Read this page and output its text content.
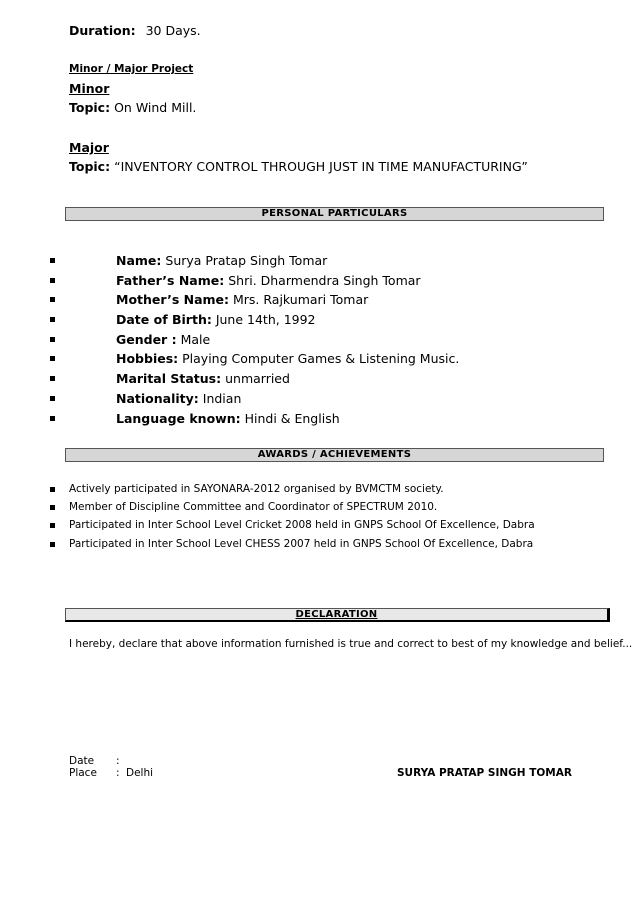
Duration: 30 Days.
Minor / Major Project
Minor
Topic: On Wind Mill.
Major
Topic: “INVENTORY CONTROL THROUGH JUST IN TIME MANUFACTURING”
PERSONAL PARTICULARS
Name: Surya Pratap Singh Tomar
Father’s Name: Shri. Dharmendra Singh Tomar
Mother’s Name: Mrs. Rajkumari Tomar
Date of Birth: June 14th, 1992
Gender : Male
Hobbies: Playing Computer Games & Listening Music.
Marital Status: unmarried
Nationality: Indian
Language known: Hindi & English
AWARDS / ACHIEVEMENTS
Actively participated in SAYONARA-2012 organised by BVMCTM society.
Member of Discipline Committee and Coordinator of SPECTRUM 2010.
Participated in Inter School Level Cricket 2008 held in GNPS School Of Excellence, Dabra
Participated in Inter School Level CHESS 2007 held in GNPS School Of Excellence, Dabra
DECLARATION
I hereby, declare that above information furnished is true and correct to best of my knowledge and belief...
Date :
Place : Delhi	SURYA PRATAP SINGH TOMAR
